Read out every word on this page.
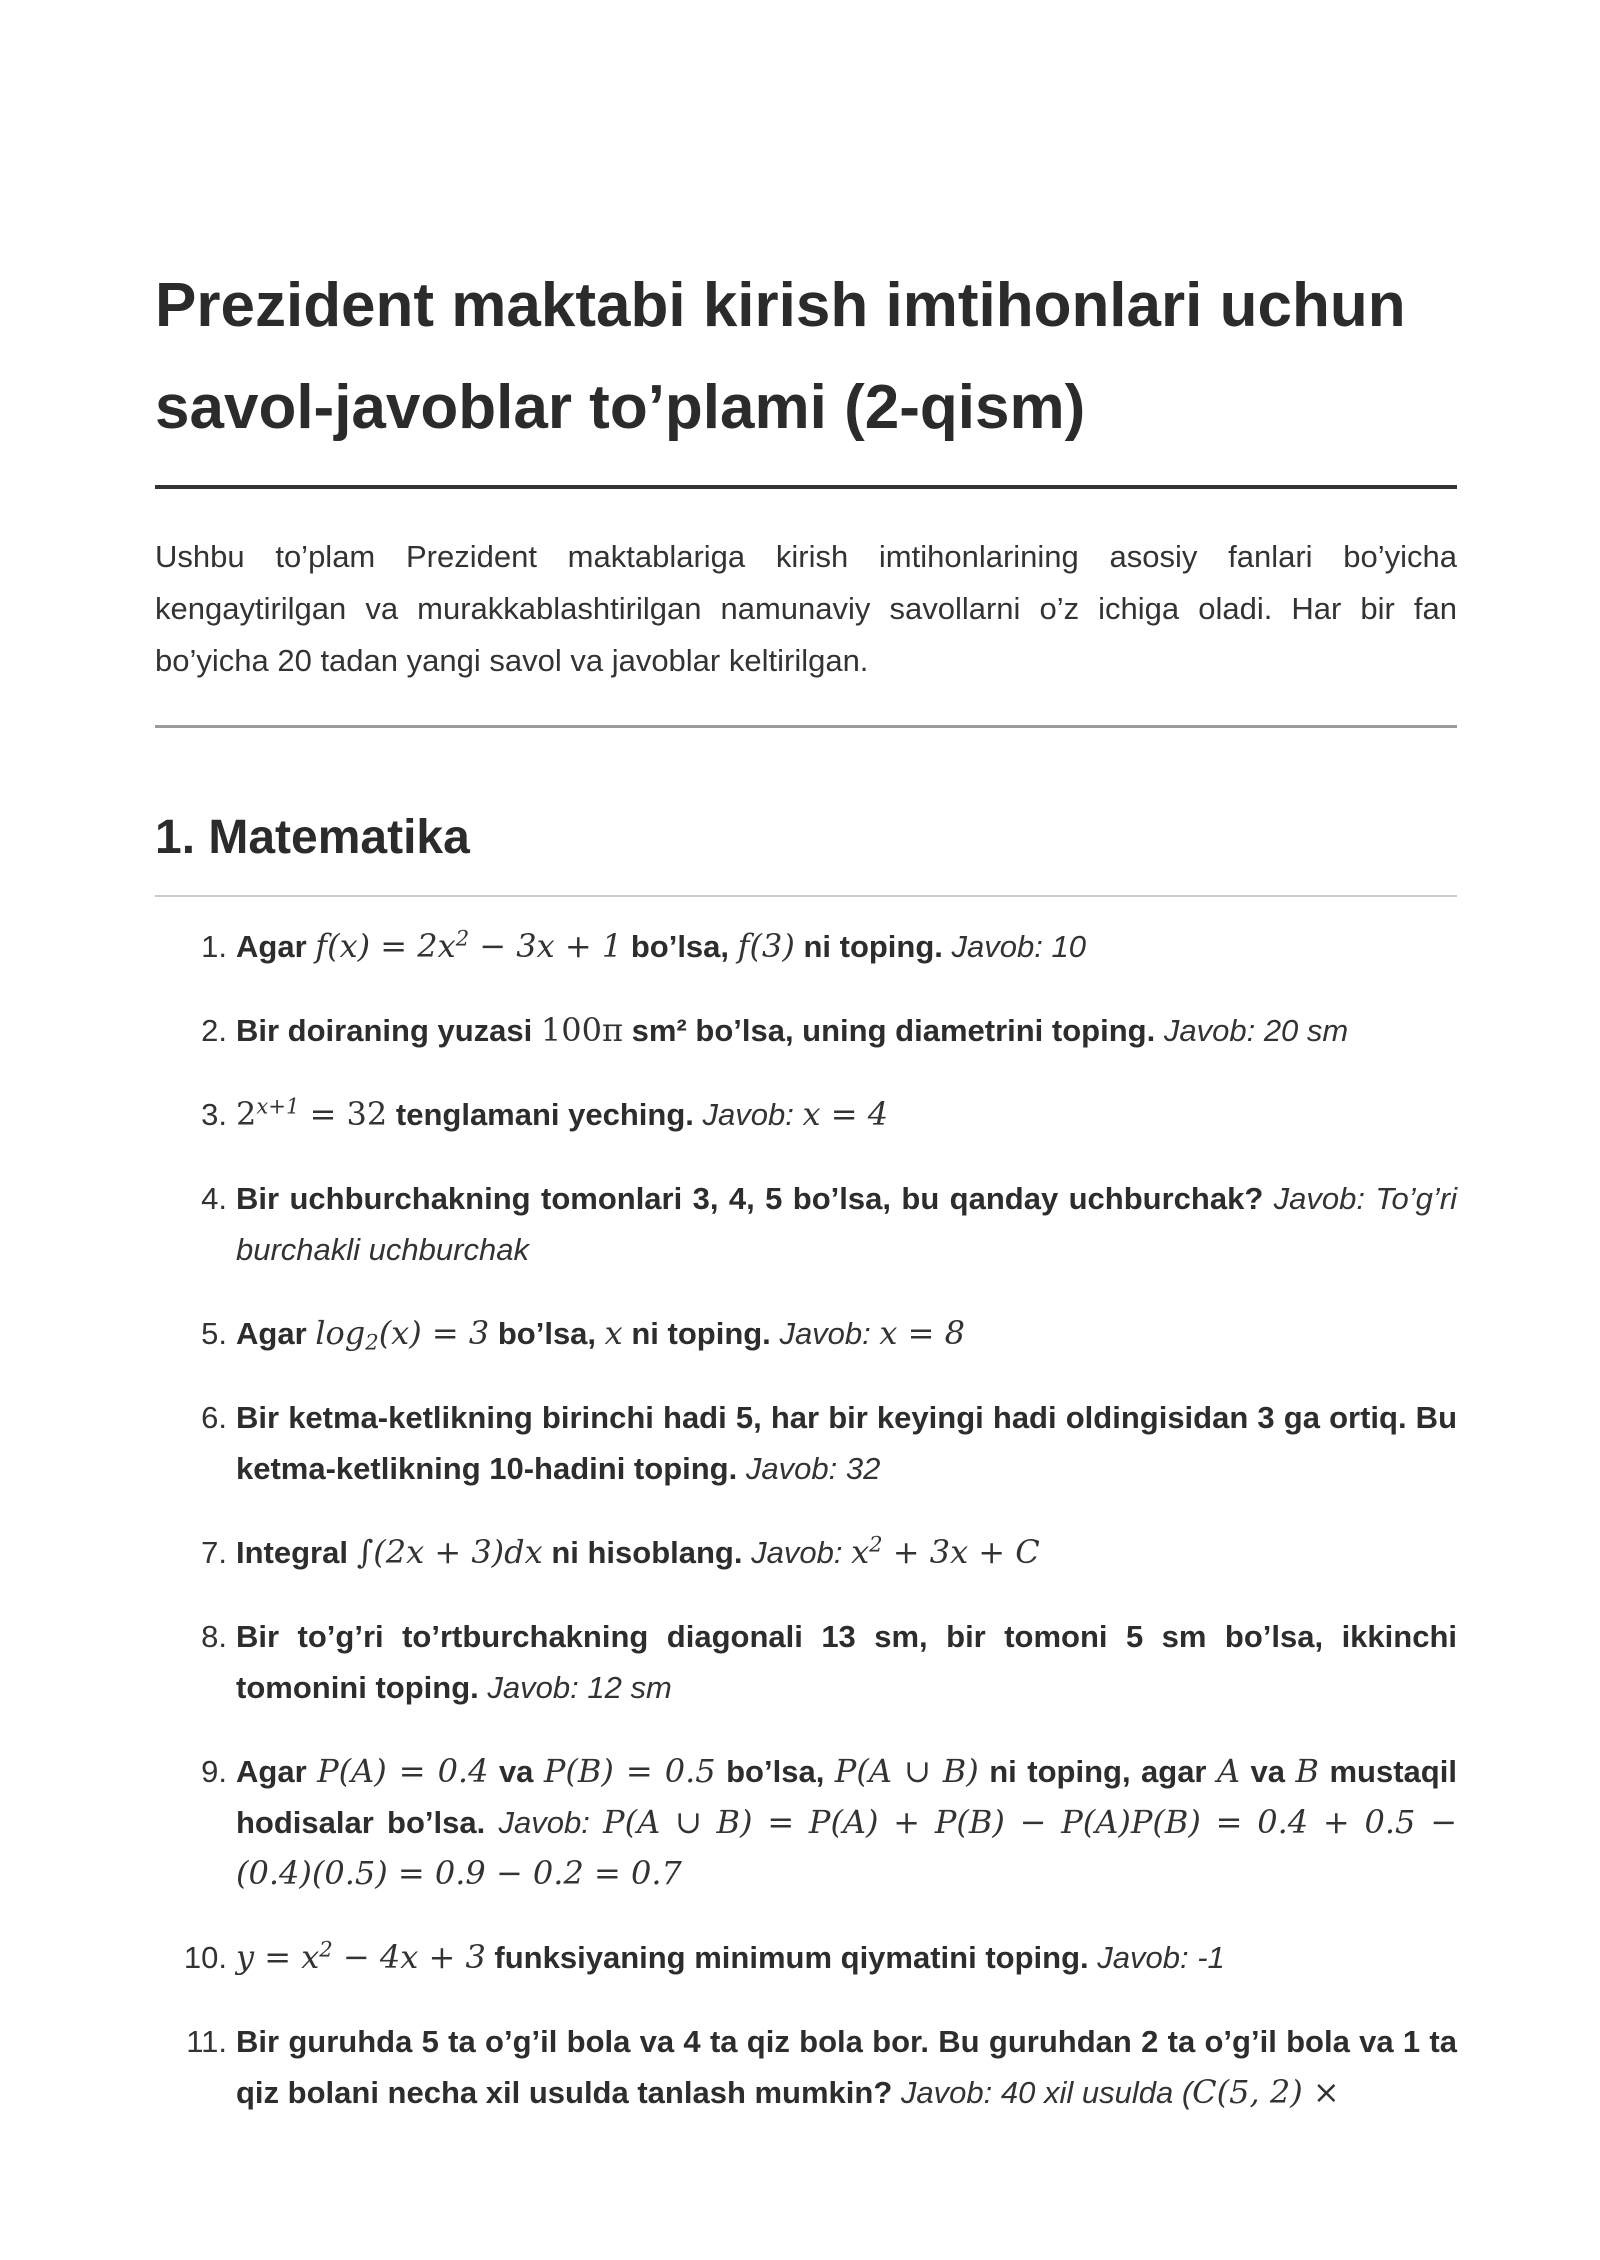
Prezident maktabi kirish imtihonlari uchun savol-javoblar to’plami (2-qism)

Ushbu to’plam Prezident maktablariga kirish imtihonlarining asosiy fanlari bo’yicha kengaytirilgan va murakkablashtirilgan namunaviy savollarni o’z ichiga oladi. Har bir fan bo’yicha 20 tadan yangi savol va javoblar keltirilgan.

1. Matematika
1. Agar $f(x) = 2x^2 - 3x + 1$ bo’lsa, f(3) ni toping. Javob: 10
2. Bir doiraning yuzasi 100π sm² bo’lsa, uning diametrini toping. Javob: 20 sm
3. $2^{x+1} = 32$ tenglamani yeching. Javob: x = 4
4. Bir uchburchakning tomonlari 3, 4, 5 bo’lsa, bu qanday uchburchak? Javob: To’g’ri burchakli uchburchak
5. Agar $\log_2(x) = 3$ bo’lsa, x ni toping. Javob: x = 8
6. Bir ketma-ketlikning birinchi hadi 5, har bir keyingi hadi oldingisidan 3 ga ortiq. Bu ketma-ketlikning 10-hadini toping. Javob: 32
7. Integral ∫(2x + 3)dx ni hisoblang. Javob: $x^2 + 3x + C$
8. Bir to’g’ri to’rtburchakning diagonali 13 sm, bir tomoni 5 sm bo’lsa, ikkinchi tomonini toping. Javob: 12 sm
9. Agar P(A) = 0.4 va P(B) = 0.5 bo’lsa, P(A ∪ B) ni toping, agar A va B mustaqil hodisalar bo’lsa. Javob: P(A ∪ B) = P(A) + P(B) − P(A)P(B) = 0.4 + 0.5 − (0.4)(0.5) = 0.9 − 0.2 = 0.7
10. $y = x^2 - 4x + 3$ funksiyaning minimum qiymatini toping. Javob: -1
11. Bir guruhda 5 ta o’g’il bola va 4 ta qiz bola bor. Bu guruhdan 2 ta o’g’il bola va 1 ta qiz bolani necha xil usulda tanlash mumkin? Javob: 40 xil usulda (C(5, 2) ×
